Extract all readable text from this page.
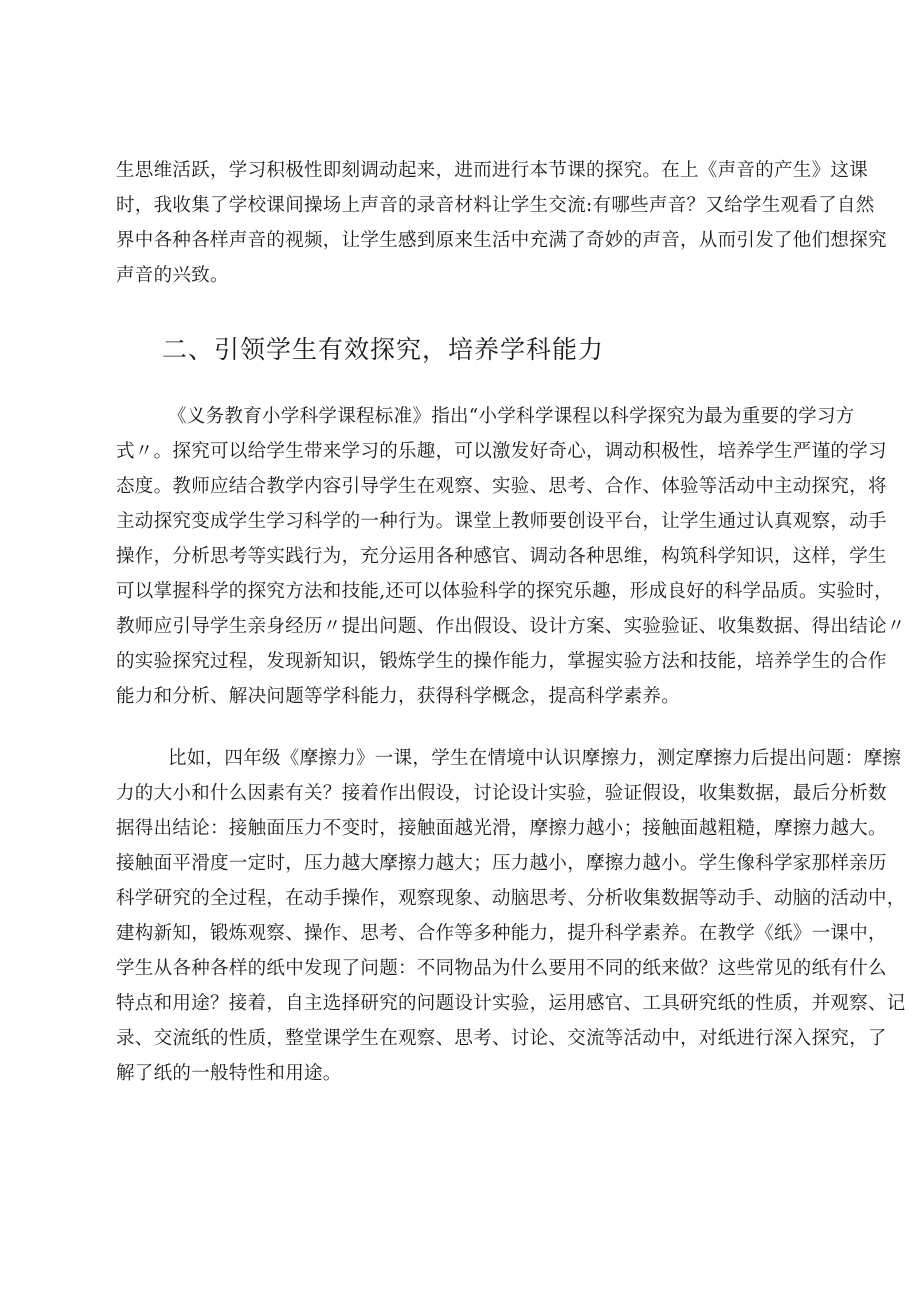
生思维活跃，学习积极性即刻调动起来，进而进行本节课的探究。在上《声音的产生》这课
时，我收集了学校课间操场上声音的录音材料让学生交流:有哪些声音？又给学生观看了自然
界中各种各样声音的视频，让学生感到原来生活中充满了奇妙的声音，从而引发了他们想探究
声音的兴致。

二、引领学生有效探究，培养学科能力

《义务教育小学科学课程标准》指出“小学科学课程以科学探究为最为重要的学习方
式〃。探究可以给学生带来学习的乐趣，可以激发好奇心，调动积极性，培养学生严谨的学习
态度。教师应结合教学内容引导学生在观察、实验、思考、合作、体验等活动中主动探究，将
主动探究变成学生学习科学的一种行为。课堂上教师要创设平台，让学生通过认真观察，动手
操作，分析思考等实践行为，充分运用各种感官、调动各种思维，构筑科学知识，这样，学生
可以掌握科学的探究方法和技能,还可以体验科学的探究乐趣，形成良好的科学品质。实验时，
教师应引导学生亲身经历〃提出问题、作出假设、设计方案、实验验证、收集数据、得出结论〃
的实验探究过程，发现新知识，锻炼学生的操作能力，掌握实验方法和技能，培养学生的合作
能力和分析、解决问题等学科能力，获得科学概念，提高科学素养。

比如，四年级《摩擦力》一课，学生在情境中认识摩擦力，测定摩擦力后提出问题：摩擦
力的大小和什么因素有关？接着作出假设，讨论设计实验，验证假设，收集数据，最后分析数
据得出结论：接触面压力不变时，接触面越光滑，摩擦力越小；接触面越粗糙，摩擦力越大。
接触面平滑度一定时，压力越大摩擦力越大；压力越小，摩擦力越小。学生像科学家那样亲历
科学研究的全过程，在动手操作，观察现象、动脑思考、分析收集数据等动手、动脑的活动中，
建构新知，锻炼观察、操作、思考、合作等多种能力，提升科学素养。在教学《纸》一课中，
学生从各种各样的纸中发现了问题：不同物品为什么要用不同的纸来做？这些常见的纸有什么
特点和用途？接着，自主选择研究的问题设计实验，运用感官、工具研究纸的性质，并观察、记
录、交流纸的性质，整堂课学生在观察、思考、讨论、交流等活动中，对纸进行深入探究，了
解了纸的一般特性和用途。
